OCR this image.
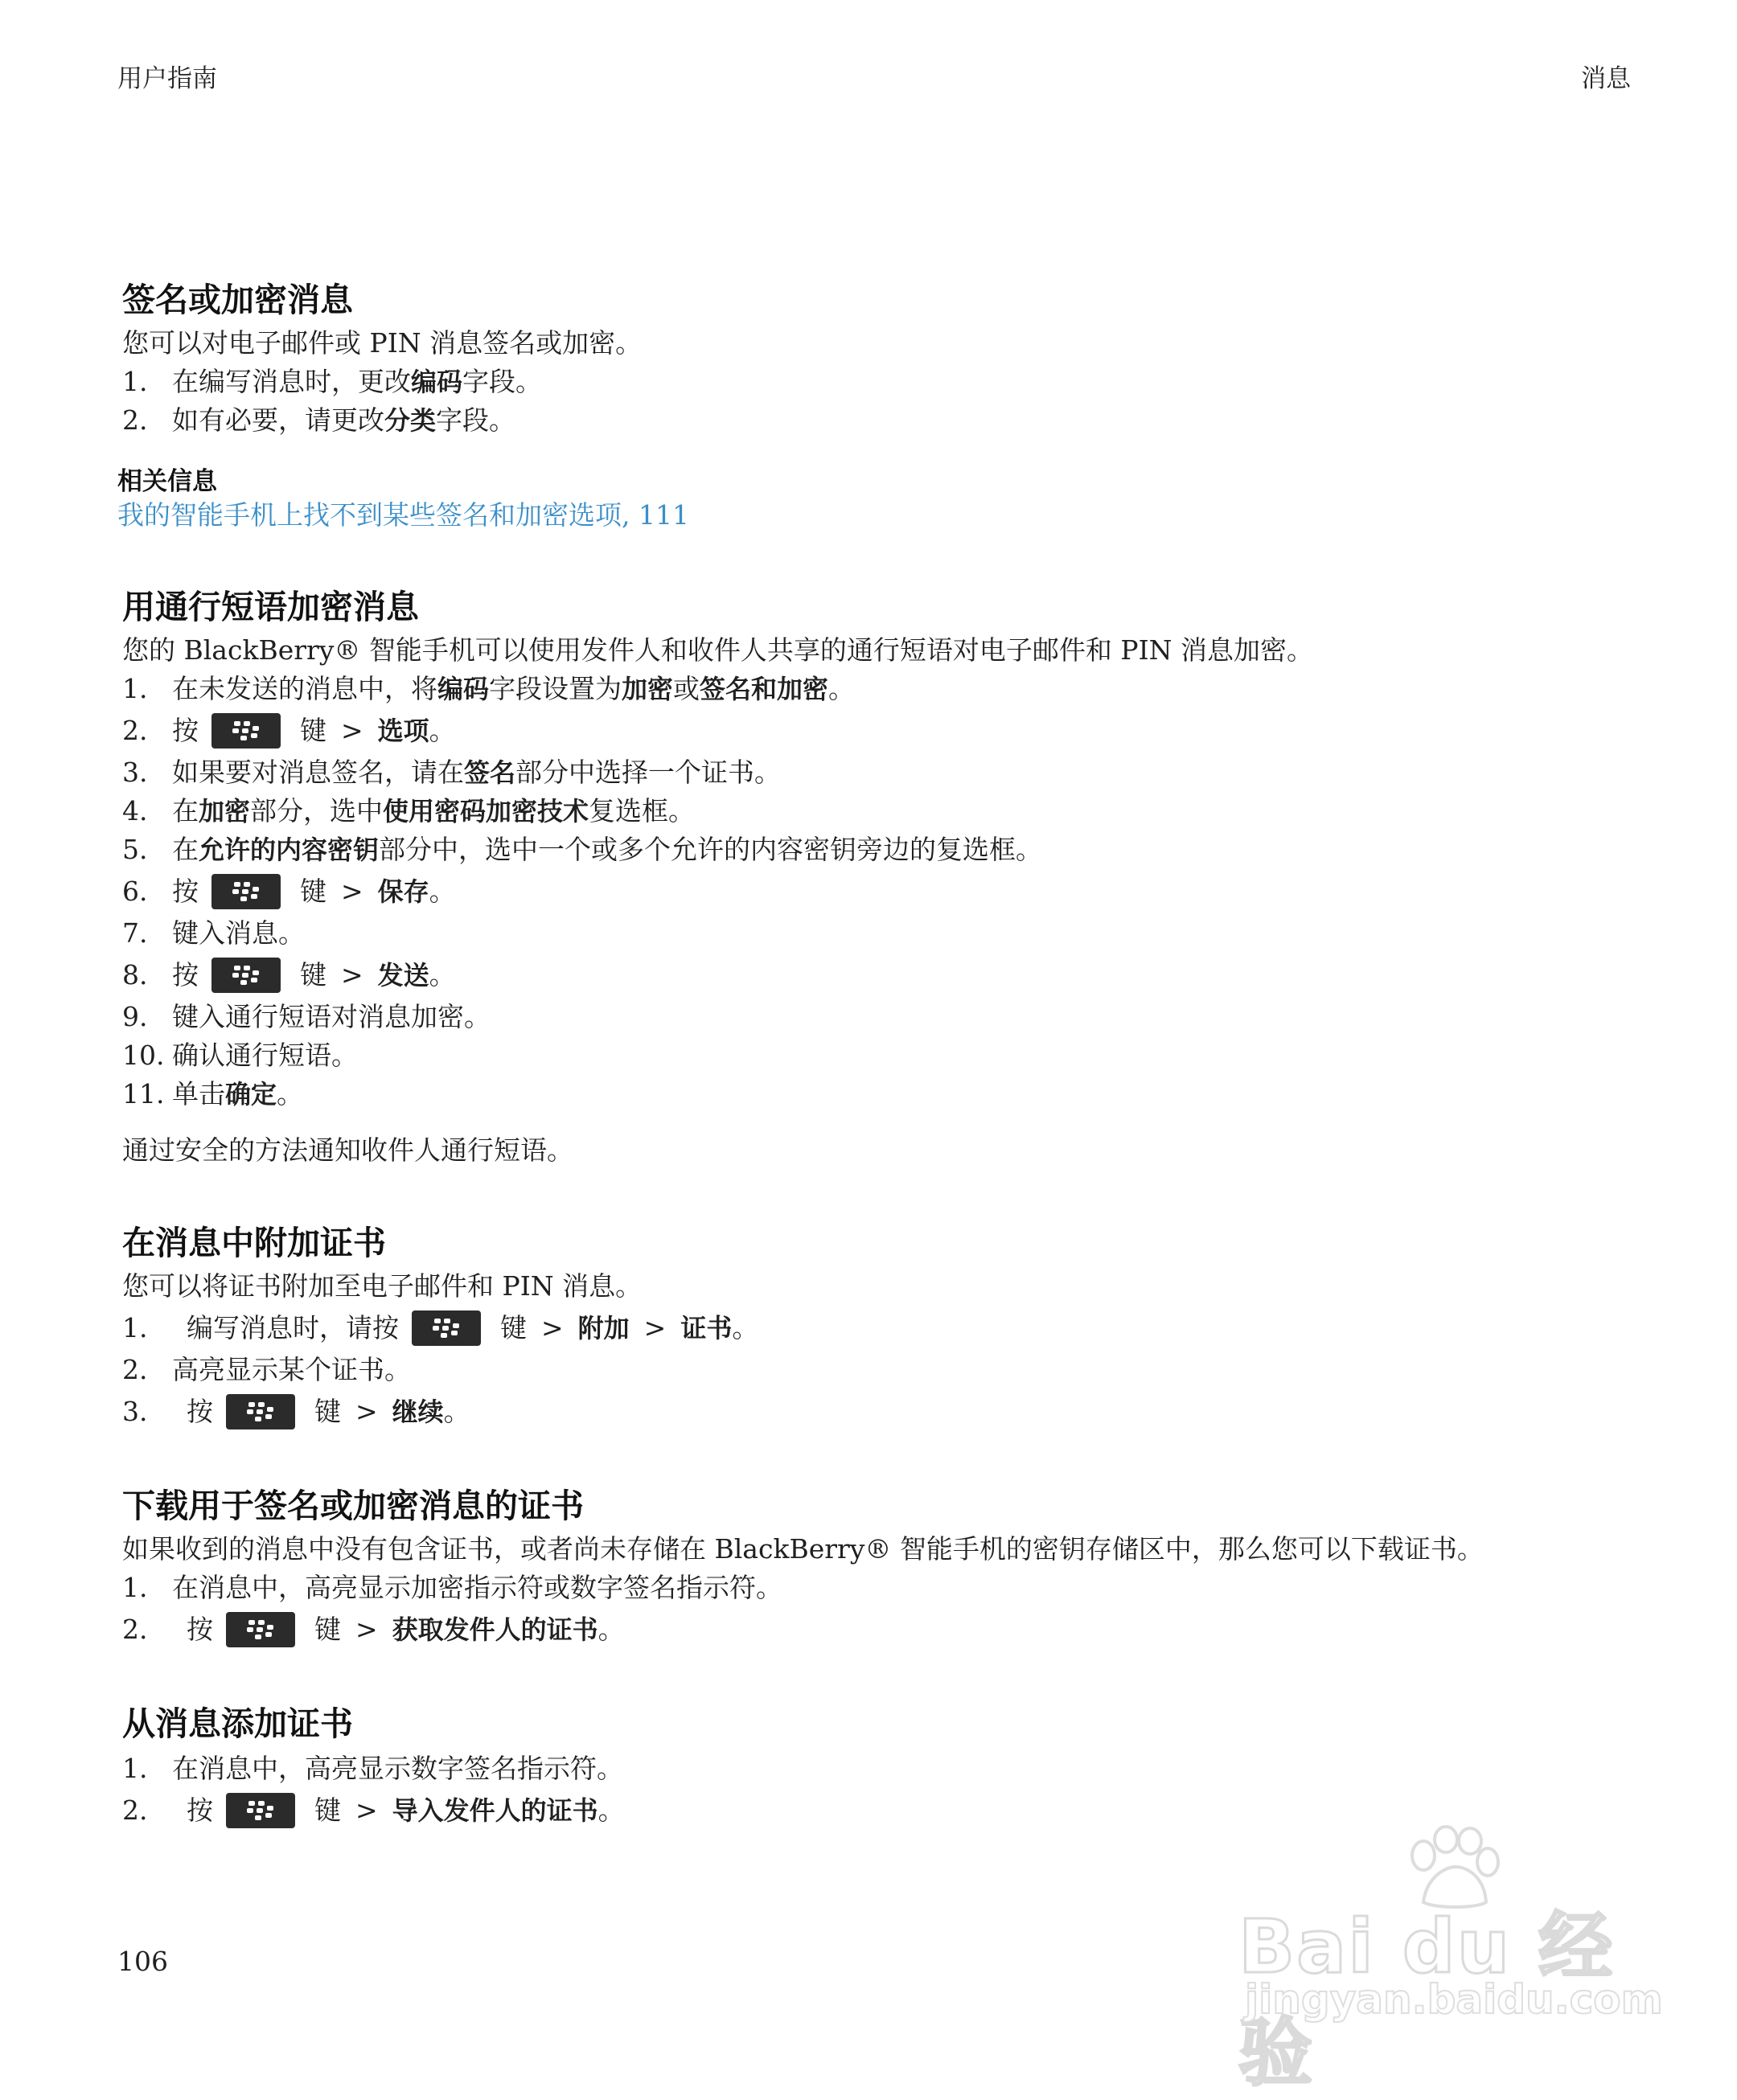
用户指南	消息
签名或加密消息

您可以对电子邮件或 PIN 消息签名或加密。

1. 在编写消息时，更改 编码 字段。
2. 如有必要，请更改 分类 字段。
相关信息
我的智能手机上找不到某些签名和加密选项, 111
用通行短语加密消息

您的 BlackBerry® 智能手机可以使用发件人和收件人共享的通行短语对电子邮件和 PIN 消息加密。

1. 在未发送的消息中，将 编码 字段设置为 加密 或 签名和加密 。
2. 按	键 > 选项 。
3. 如果要对消息签名，请在 签名 部分中选择一个证书。
4. 在 加密 部分，选中 使用密码加密技术 复选框。
5. 在 允许的内容密钥 部分中，选中一个或多个允许的内容密钥旁边的复选框。
6. 按	键 > 保存 。
7. 键入消息。
8. 按	键 > 发送 。
9. 键入通行短语对消息加密。
10. 确认通行短语。
11. 单击 确定 。
通过安全的方法通知收件人通行短语。
在消息中附加证书

您可以将证书附加至电子邮件和 PIN 消息。

1.	编写消息时，请按	键 > 附加 > 证书 。
2. 高亮显示某个证书。
3.	按	键 > 继续 。
下载用于签名或加密消息的证书

如果收到的消息中没有包含证书，或者尚未存储在 BlackBerry® 智能手机的密钥存储区中，那么您可以下载证书。

1. 在消息中，高亮显示加密指示符或数字签名指示符。
2.	按	键 > 获取发件人的证书 。
从消息添加证书
1. 在消息中，高亮显示数字签名指示符。
2.	按	键 > 导入发件人的证书 。
106	Bai du 经验
jingyan.baidu.com
